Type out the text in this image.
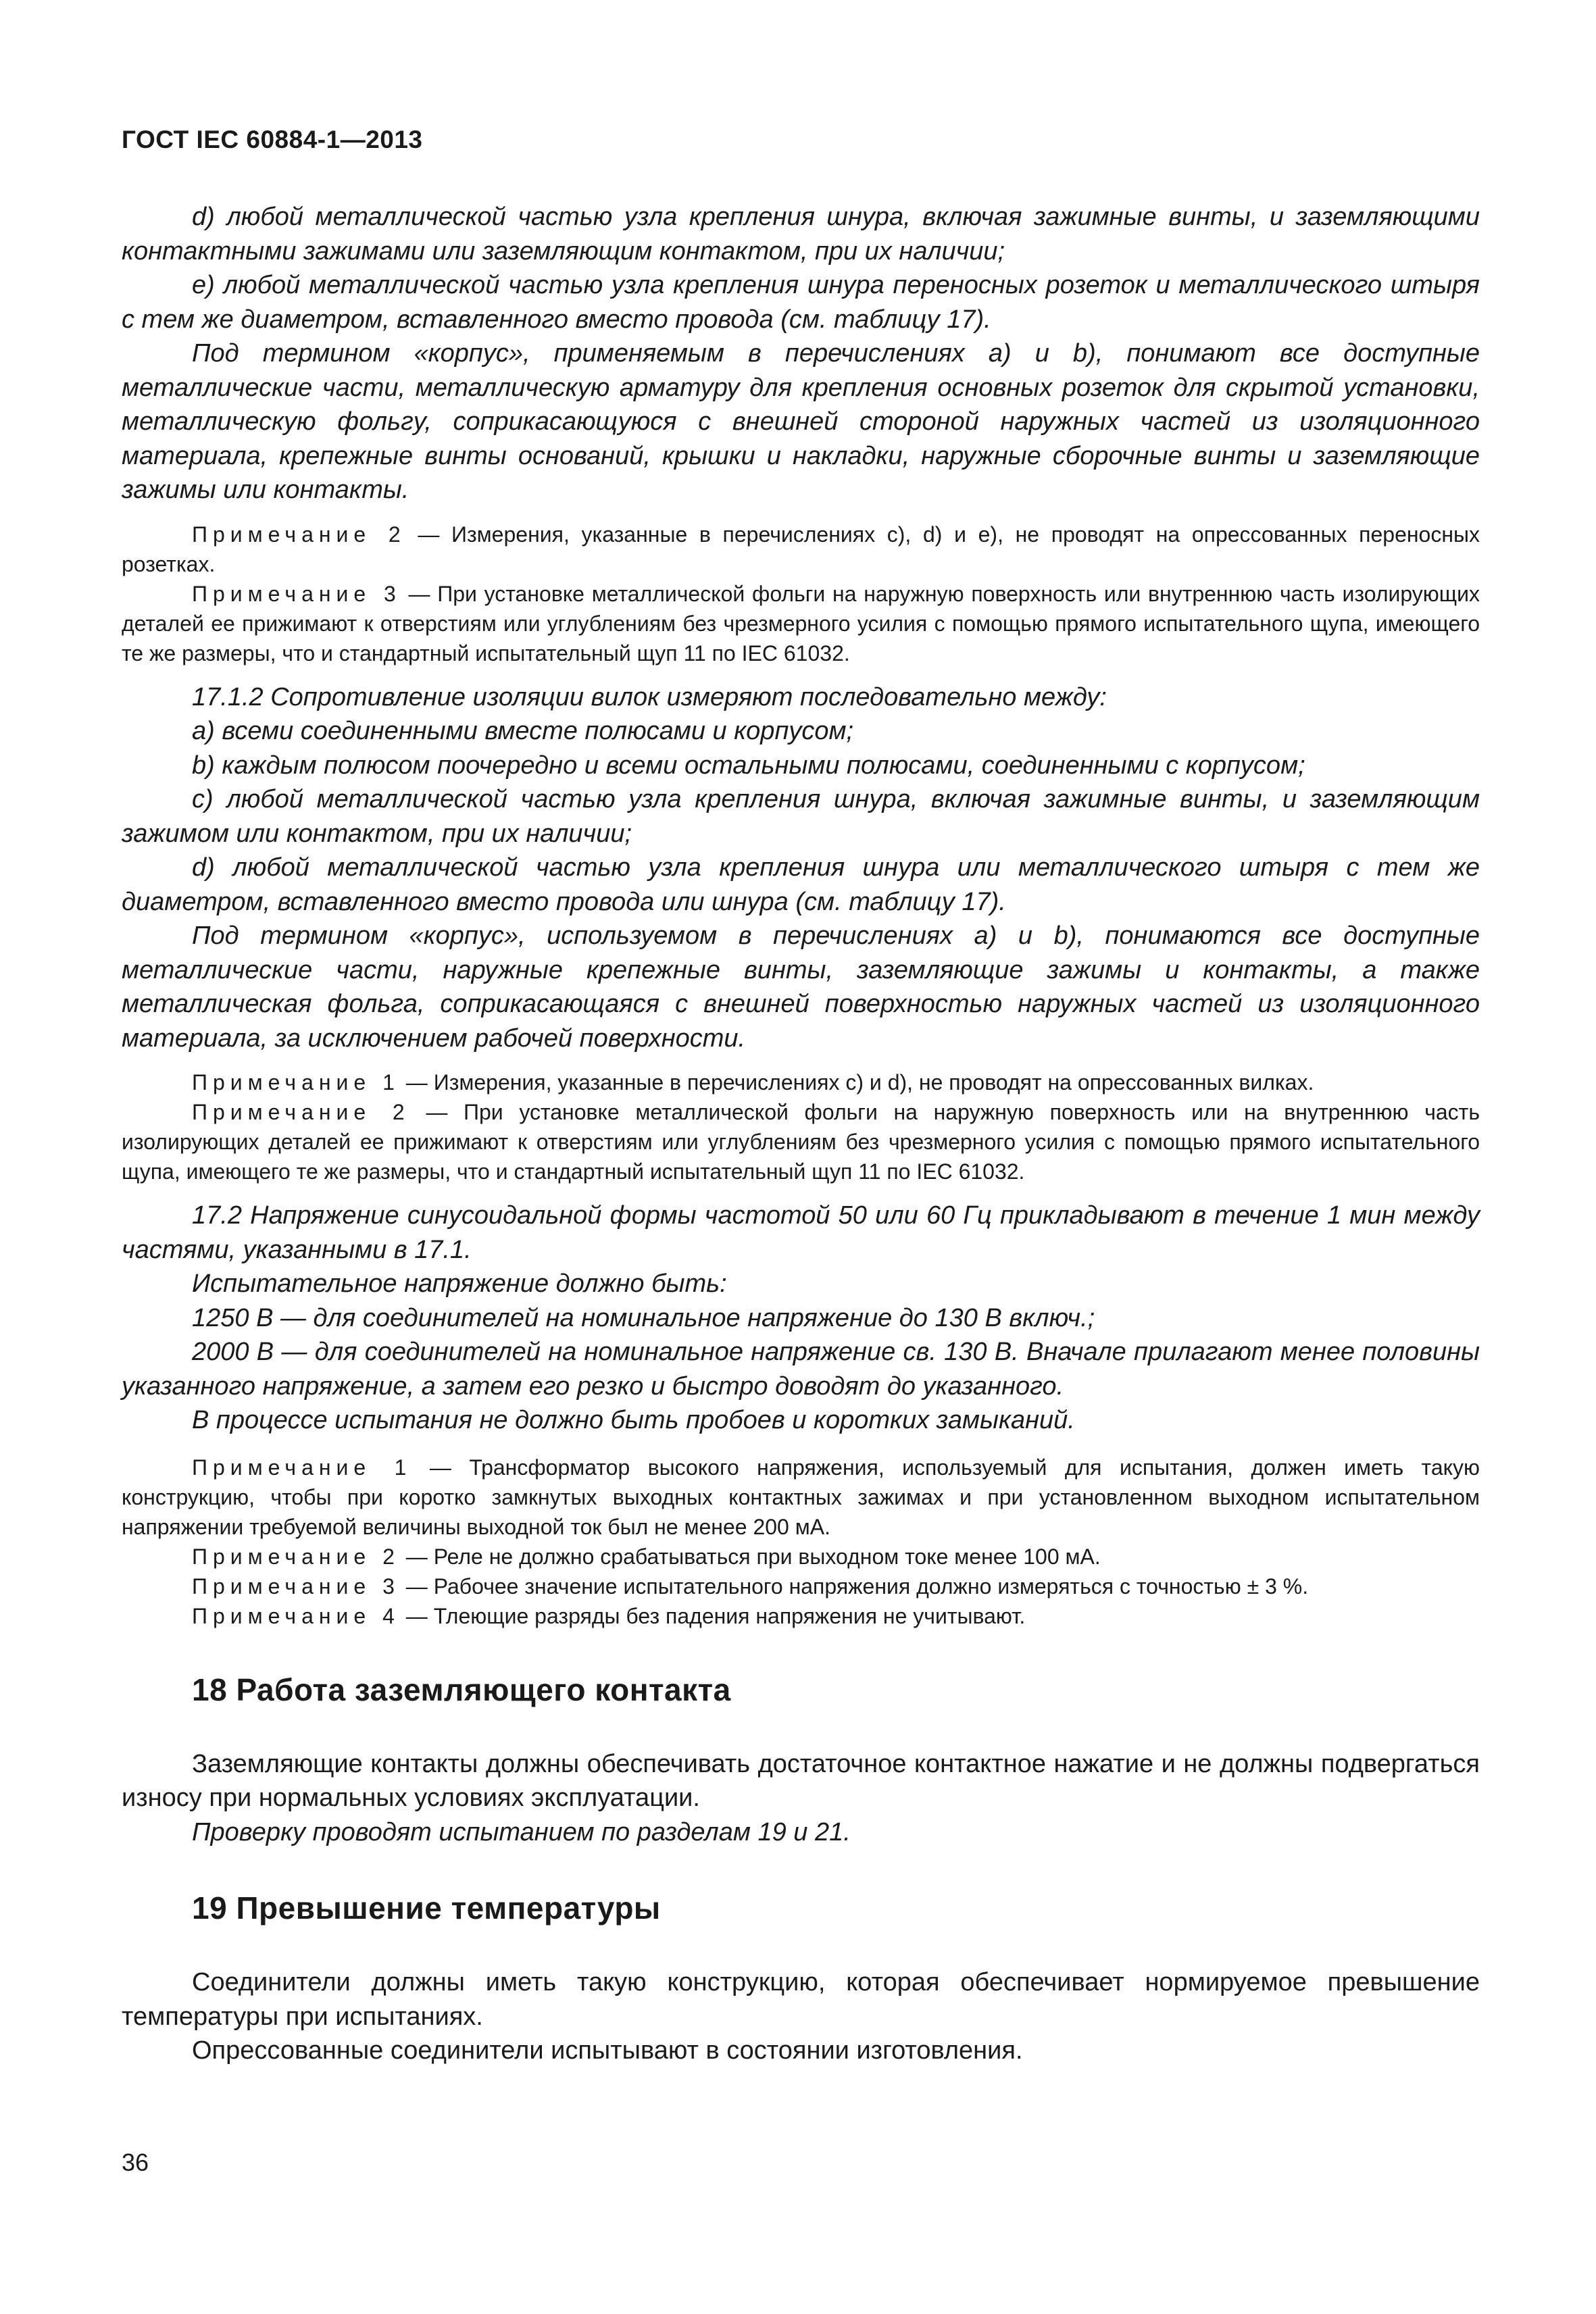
ГОСТ IEC 60884-1—2013

d) любой металлической частью узла крепления шнура, включая зажимные винты, и заземляющими контактными зажимами или заземляющим контактом, при их наличии;

e) любой металлической частью узла крепления шнура переносных розеток и металлического штыря с тем же диаметром, вставленного вместо провода (см. таблицу 17).

Под термином «корпус», применяемым в перечислениях a) и b), понимают все доступные металлические части, металлическую арматуру для крепления основных розеток для скрытой установки, металлическую фольгу, соприкасающуюся с внешней стороной наружных частей из изоляционного материала, крепежные винты оснований, крышки и накладки, наружные сборочные винты и заземляющие зажимы или контакты.

Примечание 2 — Измерения, указанные в перечислениях c), d) и e), не проводят на опрессованных переносных розетках.

Примечание 3 — При установке металлической фольги на наружную поверхность или внутреннюю часть изолирующих деталей ее прижимают к отверстиям или углублениям без чрезмерного усилия с помощью прямого испытательного щупа, имеющего те же размеры, что и стандартный испытательный щуп 11 по IEC 61032.

17.1.2 Сопротивление изоляции вилок измеряют последовательно между:

a) всеми соединенными вместе полюсами и корпусом;

b) каждым полюсом поочередно и всеми остальными полюсами, соединенными с корпусом;

c) любой металлической частью узла крепления шнура, включая зажимные винты, и заземляющим зажимом или контактом, при их наличии;

d) любой металлической частью узла крепления шнура или металлического штыря с тем же диаметром, вставленного вместо провода или шнура (см. таблицу 17).

Под термином «корпус», используемом в перечислениях a) и b), понимаются все доступные металлические части, наружные крепежные винты, заземляющие зажимы и контакты, а также металлическая фольга, соприкасающаяся с внешней поверхностью наружных частей из изоляционного материала, за исключением рабочей поверхности.

Примечание 1 — Измерения, указанные в перечислениях c) и d), не проводят на опрессованных вилках.

Примечание 2 — При установке металлической фольги на наружную поверхность или на внутреннюю часть изолирующих деталей ее прижимают к отверстиям или углублениям без чрезмерного усилия с помощью прямого испытательного щупа, имеющего те же размеры, что и стандартный испытательный щуп 11 по IEC 61032.

17.2 Напряжение синусоидальной формы частотой 50 или 60 Гц прикладывают в течение 1 мин между частями, указанными в 17.1.

Испытательное напряжение должно быть:

1250 В — для соединителей на номинальное напряжение до 130 В включ.;

2000 В — для соединителей на номинальное напряжение св. 130 В. Вначале прилагают менее половины указанного напряжение, а затем его резко и быстро доводят до указанного.

В процессе испытания не должно быть пробоев и коротких замыканий.

Примечание 1 — Трансформатор высокого напряжения, используемый для испытания, должен иметь такую конструкцию, чтобы при коротко замкнутых выходных контактных зажимах и при установленном выходном испытательном напряжении требуемой величины выходной ток был не менее 200 мА.

Примечание 2 — Реле не должно срабатываться при выходном токе менее 100 мА.

Примечание 3 — Рабочее значение испытательного напряжения должно измеряться с точностью ± 3 %.

Примечание 4 — Тлеющие разряды без падения напряжения не учитывают.

18 Работа заземляющего контакта

Заземляющие контакты должны обеспечивать достаточное контактное нажатие и не должны подвергаться износу при нормальных условиях эксплуатации.

Проверку проводят испытанием по разделам 19 и 21.

19 Превышение температуры

Соединители должны иметь такую конструкцию, которая обеспечивает нормируемое превышение температуры при испытаниях.

Опрессованные соединители испытывают в состоянии изготовления.

36
